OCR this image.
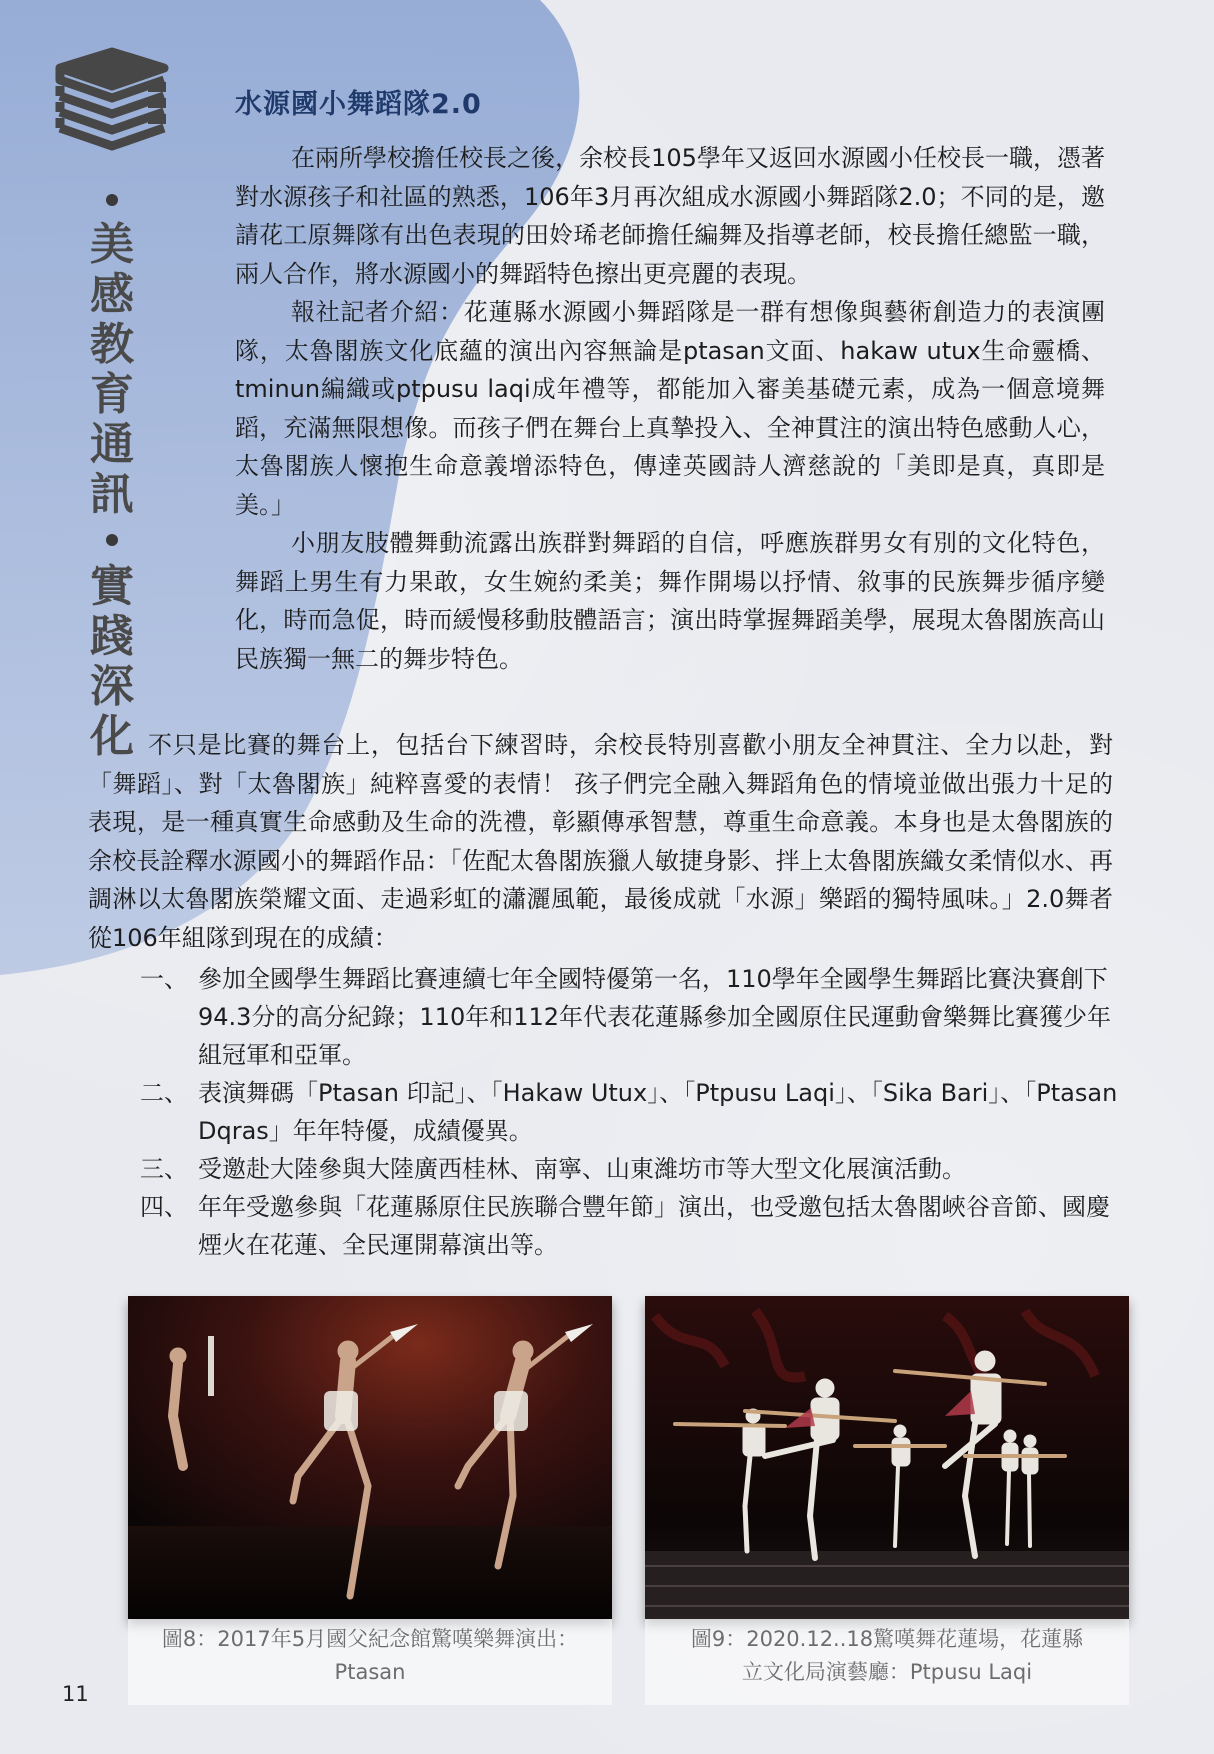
美
感
教
育
通
訊
實
踐
深
化
水源國小舞蹈隊2.0

在兩所學校擔任校長之後，余校長105學年又返回水源國小任校長一職，憑著對水源孩子和社區的熟悉，106年3月再次組成水源國小舞蹈隊2.0；不同的是，邀請花工原舞隊有出色表現的田姈琋老師擔任編舞及指導老師，校長擔任總監一職，兩人合作，將水源國小的舞蹈特色擦出更亮麗的表現。

報社記者介紹：花蓮縣水源國小舞蹈隊是一群有想像與藝術創造力的表演團隊，太魯閣族文化底蘊的演出內容無論是ptasan文面、hakaw utux生命靈橋、tminun編織或ptpusu laqi成年禮等，都能加入審美基礎元素，成為一個意境舞蹈，充滿無限想像。而孩子們在舞台上真摯投入、全神貫注的演出特色感動人心，太魯閣族人懷抱生命意義增添特色，傳達英國詩人濟慈說的「美即是真，真即是美。」

小朋友肢體舞動流露出族群對舞蹈的自信，呼應族群男女有別的文化特色，舞蹈上男生有力果敢，女生婉約柔美；舞作開場以抒情、敘事的民族舞步循序變化，時而急促，時而緩慢移動肢體語言；演出時掌握舞蹈美學，展現太魯閣族高山民族獨一無二的舞步特色。

不只是比賽的舞台上，包括台下練習時，余校長特別喜歡小朋友全神貫注、全力以赴，對「舞蹈」、對「太魯閣族」純粹喜愛的表情！ 孩子們完全融入舞蹈角色的情境並做出張力十足的表現，是一種真實生命感動及生命的洗禮，彰顯傳承智慧，尊重生命意義。本身也是太魯閣族的余校長詮釋水源國小的舞蹈作品：「佐配太魯閣族獵人敏捷身影、拌上太魯閣族織女柔情似水、再調淋以太魯閣族榮耀文面、走過彩虹的瀟灑風範，最後成就「水源」樂蹈的獨特風味。」2.0舞者從106年組隊到現在的成績：

一、 參加全國學生舞蹈比賽連續七年全國特優第一名，110學年全國學生舞蹈比賽決賽創下94.3分的高分紀錄；110年和112年代表花蓮縣參加全國原住民運動會樂舞比賽獲少年組冠軍和亞軍。
二、 表演舞碼「Ptasan 印記」、「Hakaw Utux」、「Ptpusu Laqi」、「Sika Bari」、「Ptasan Dqras」年年特優，成績優異。
三、 受邀赴大陸參與大陸廣西桂林、南寧、山東濰坊市等大型文化展演活動。
四、 年年受邀參與「花蓮縣原住民族聯合豐年節」演出，也受邀包括太魯閣峽谷音節、國慶煙火在花蓮、全民運開幕演出等。
圖8：2017年5月國父紀念館驚嘆樂舞演出：
Ptasan
圖9：2020.12..18驚嘆舞花蓮場，花蓮縣
立文化局演藝廳：Ptpusu Laqi
11
